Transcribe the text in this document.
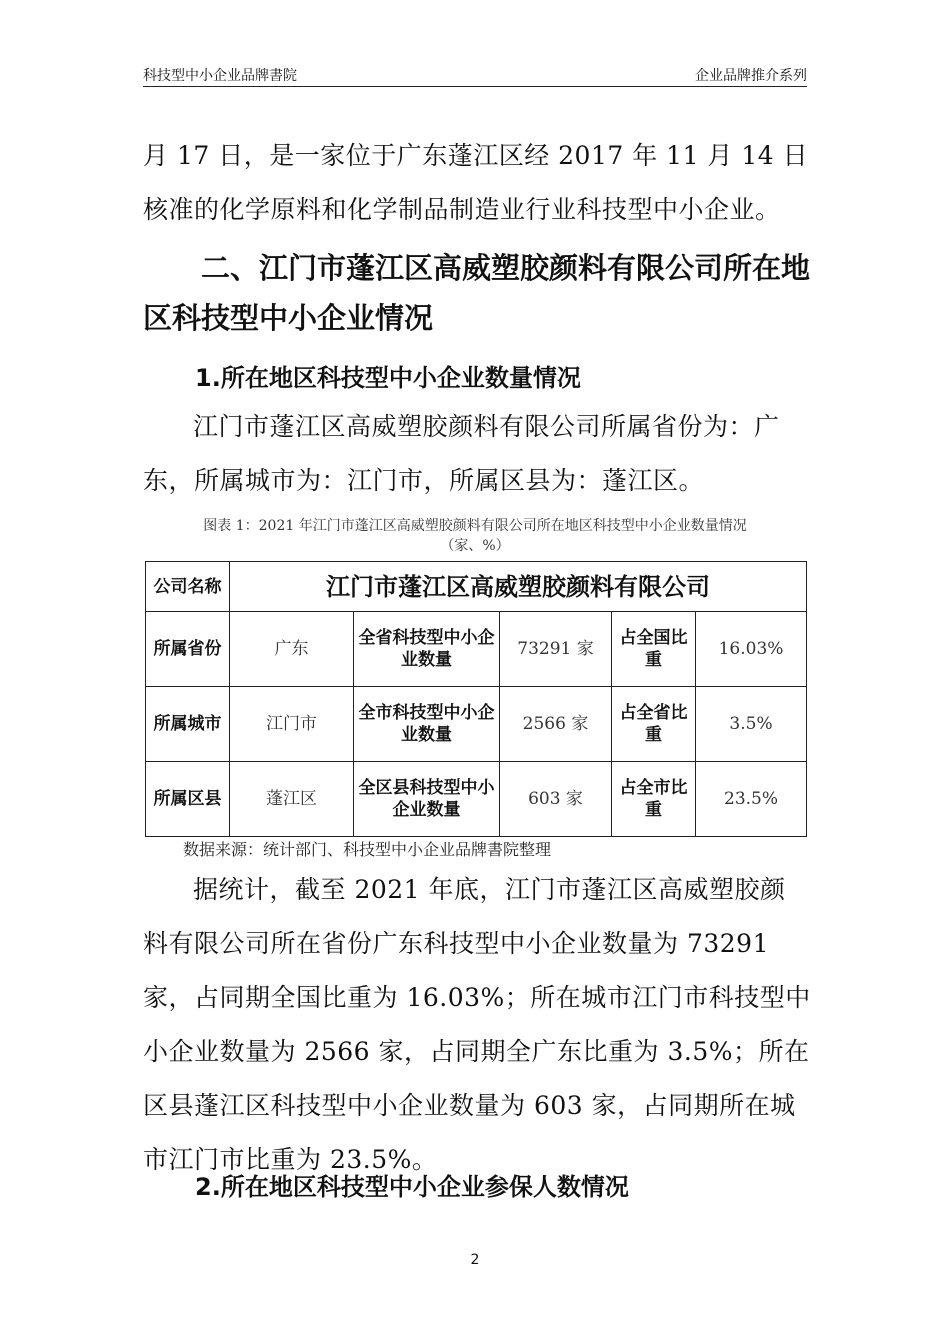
科技型中小企业品牌書院	企业品牌推介系列

月 17 日，是一家位于广东蓬江区经 2017 年 11 月 14 日核准的化学原料和化学制品制造业行业科技型中小企业。

二、江门市蓬江区高威塑胶颜料有限公司所在地区科技型中小企业情况
1.所在地区科技型中小企业数量情况

江门市蓬江区高威塑胶颜料有限公司所属省份为：广东，所属城市为：江门市，所属区县为：蓬江区。

图表 1：2021 年江门市蓬江区高威塑胶颜料有限公司所在地区科技型中小企业数量情况
（家、%）

公司名称	江门市蓬江区高威塑胶颜料有限公司				
所属省份	广东	全省科技型中小企业数量	73291 家	占全国比重	16.03%
所属城市	江门市	全市科技型中小企业数量	2566 家	占全省比重	3.5%
所属区县	蓬江区	全区县科技型中小企业数量	603 家	占全市比重	23.5%

数据来源：统计部门、科技型中小企业品牌書院整理

据统计，截至 2021 年底，江门市蓬江区高威塑胶颜料有限公司所在省份广东科技型中小企业数量为 73291 家，占同期全国比重为 16.03%；所在城市江门市科技型中小企业数量为 2566 家，占同期全广东比重为 3.5%；所在区县蓬江区科技型中小企业数量为 603 家，占同期所在城市江门市比重为 23.5%。

2.所在地区科技型中小企业参保人数情况
2
